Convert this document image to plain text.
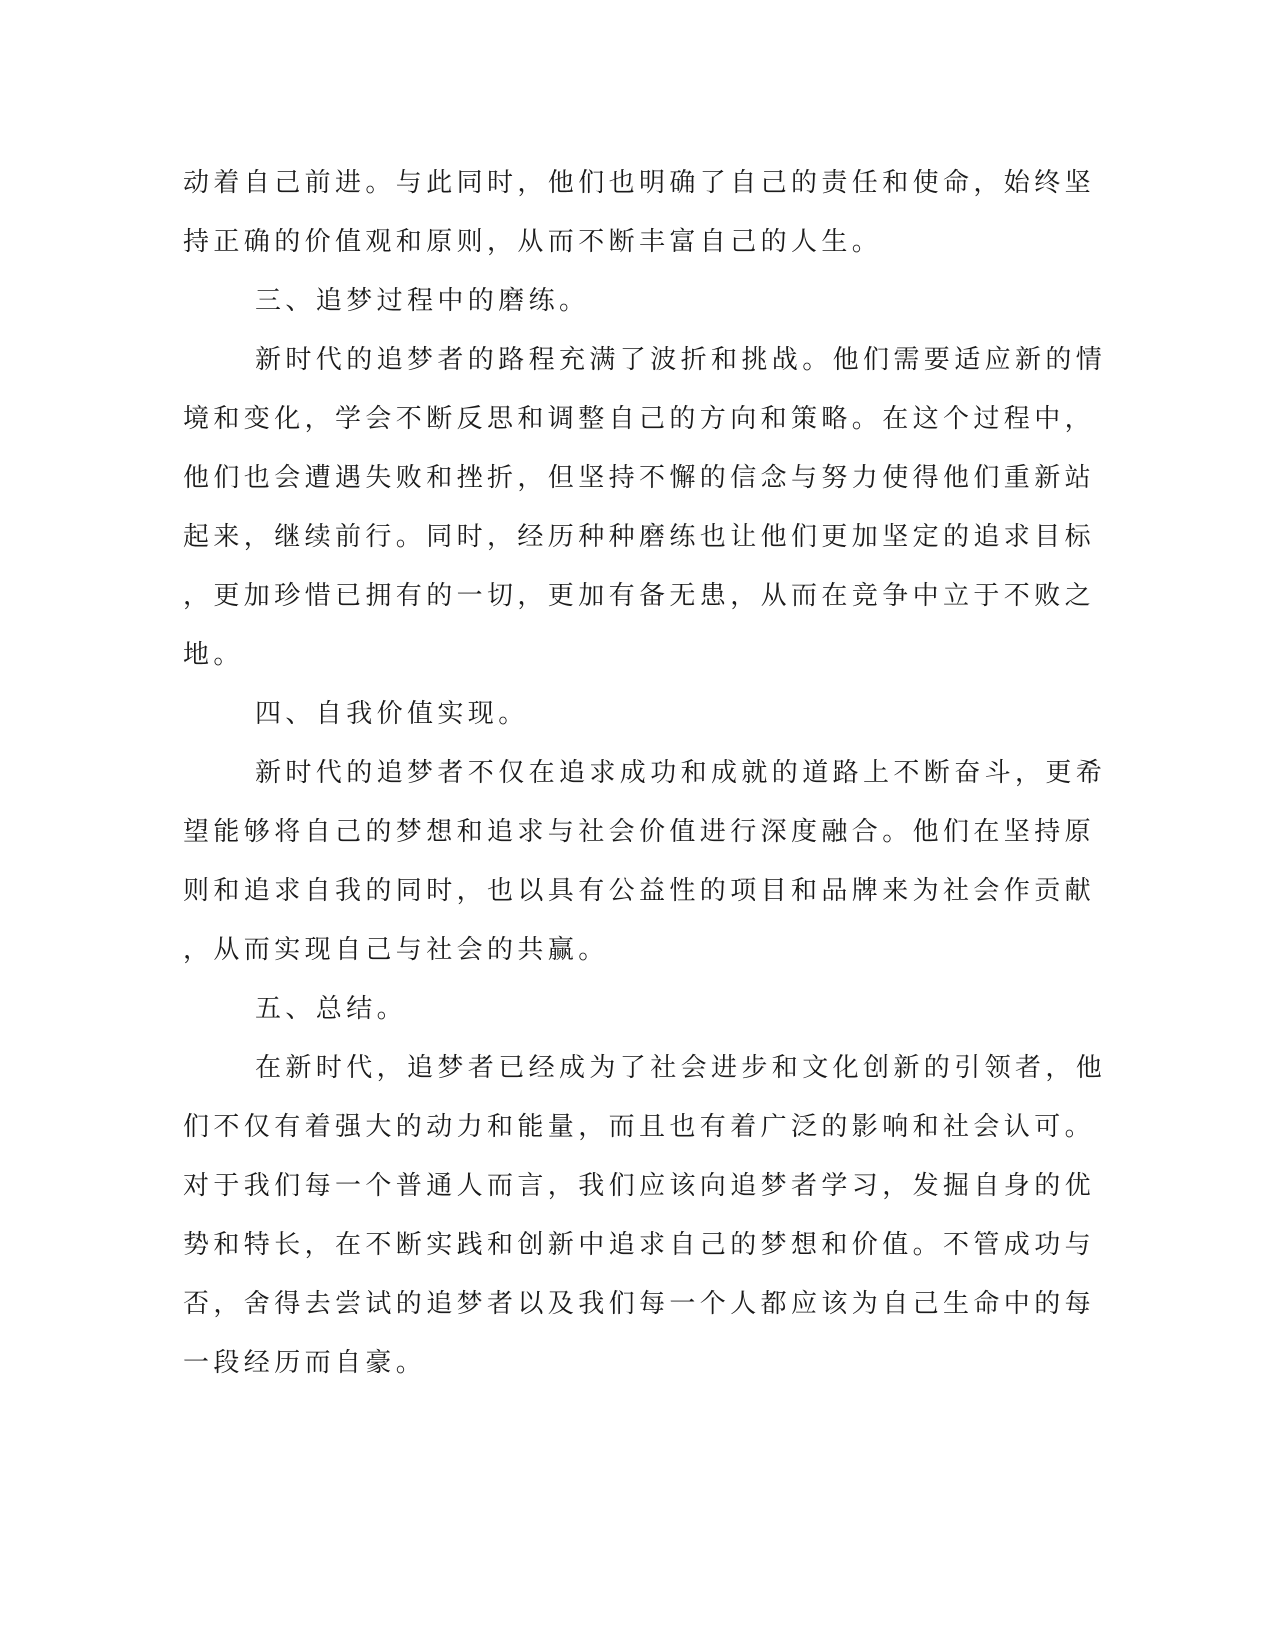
动着自己前进。与此同时，他们也明确了自己的责任和使命，始终坚
持正确的价值观和原则，从而不断丰富自己的人生。
三、追梦过程中的磨练。
新时代的追梦者的路程充满了波折和挑战。他们需要适应新的情
境和变化，学会不断反思和调整自己的方向和策略。在这个过程中，
他们也会遭遇失败和挫折，但坚持不懈的信念与努力使得他们重新站
起来，继续前行。同时，经历种种磨练也让他们更加坚定的追求目标
，更加珍惜已拥有的一切，更加有备无患，从而在竞争中立于不败之
地。
四、自我价值实现。
新时代的追梦者不仅在追求成功和成就的道路上不断奋斗，更希
望能够将自己的梦想和追求与社会价值进行深度融合。他们在坚持原
则和追求自我的同时，也以具有公益性的项目和品牌来为社会作贡献
，从而实现自己与社会的共赢。
五、总结。
在新时代，追梦者已经成为了社会进步和文化创新的引领者，他
们不仅有着强大的动力和能量，而且也有着广泛的影响和社会认可。
对于我们每一个普通人而言，我们应该向追梦者学习，发掘自身的优
势和特长，在不断实践和创新中追求自己的梦想和价值。不管成功与
否，舍得去尝试的追梦者以及我们每一个人都应该为自己生命中的每
一段经历而自豪。
